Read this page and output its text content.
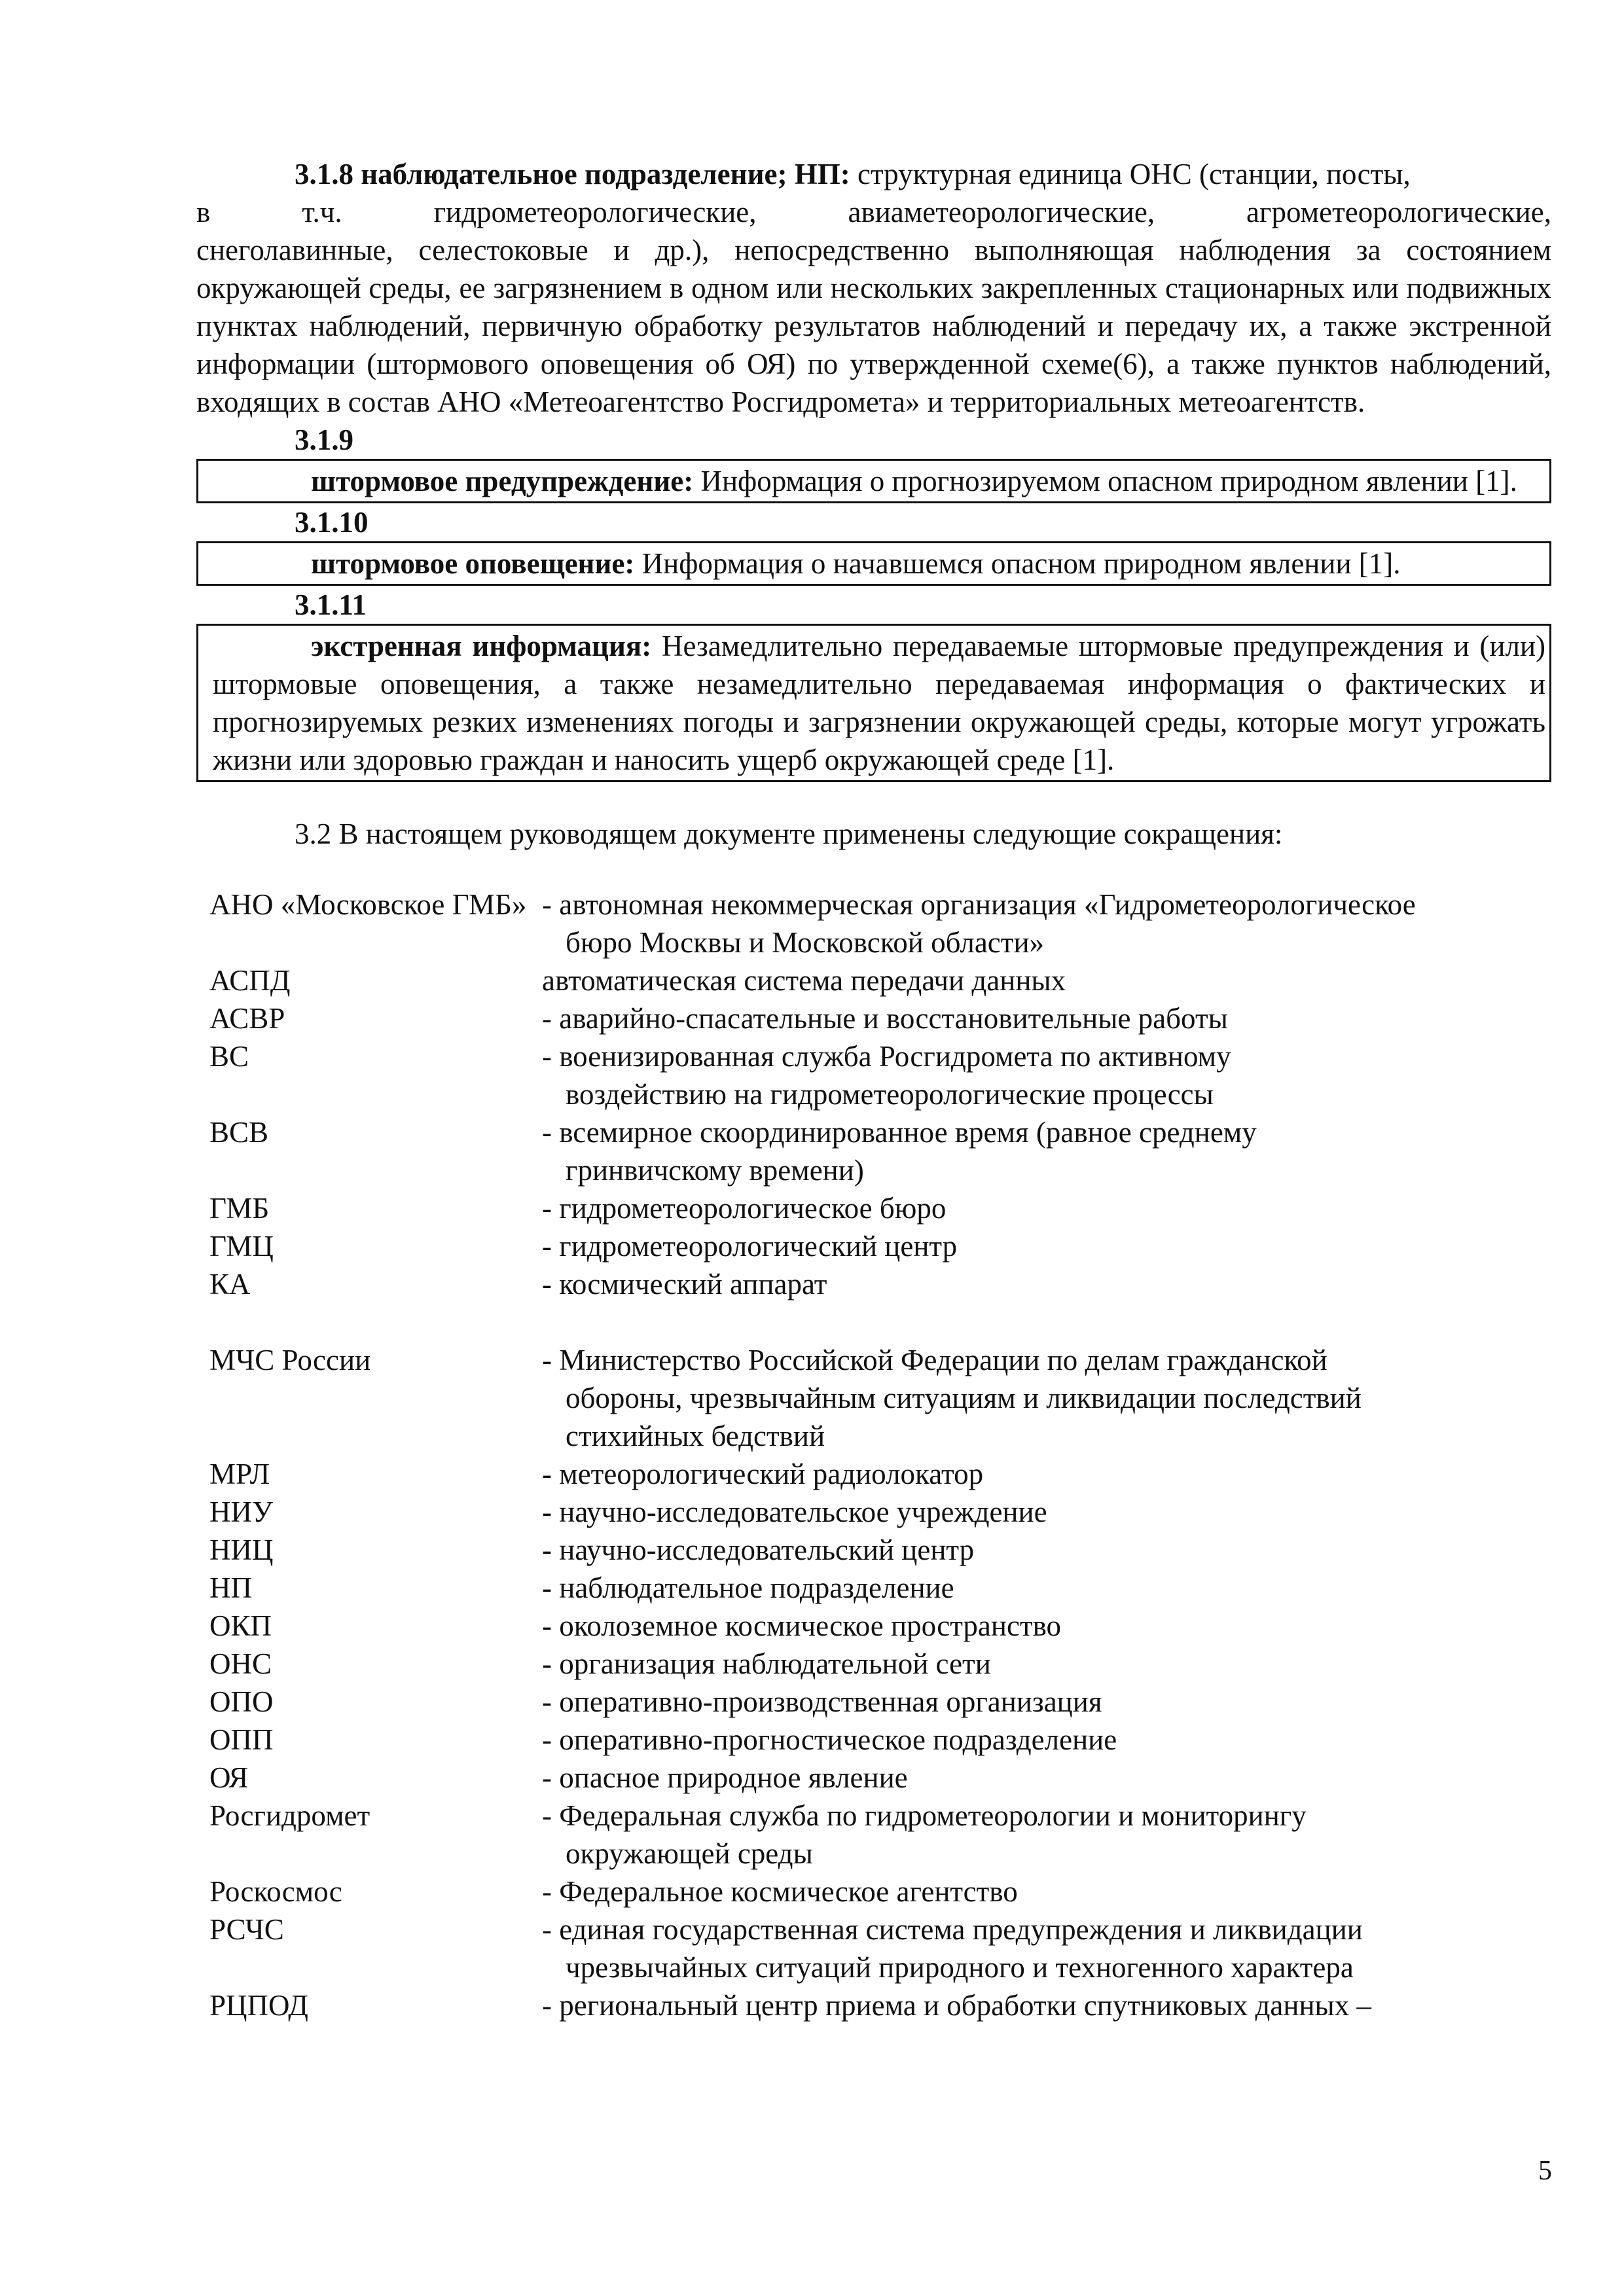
3.1.8 наблюдательное подразделение; НП: структурная единица ОНС (станции, посты,

в т.ч. гидрометеорологические, авиаметеорологические, агрометеорологические,

снеголавинные, селестоковые и др.), непосредственно выполняющая наблюдения за состоянием окружающей среды, ее загрязнением в одном или нескольких закрепленных стационарных или подвижных пунктах наблюдений, первичную обработку результатов наблюдений и передачу их, а также экстренной информации (штормового оповещения об ОЯ) по утвержденной схеме(6), а также пунктов наблюдений, входящих в состав АНО «Метеоагентство Росгидромета» и территориальных метеоагентств.

3.1.9
штормовое предупреждение: Информация о прогнозируемом опасном природном явлении [1].
3.1.10
штормовое оповещение: Информация о начавшемся опасном природном явлении [1].
3.1.11
экстренная информация: Незамедлительно передаваемые штормовые предупреждения и (или) штормовые оповещения, а также незамедлительно передаваемая информация о фактических и прогнозируемых резких изменениях погоды и загрязнении окружающей среды, которые могут угрожать жизни или здоровью граждан и наносить ущерб окружающей среде [1].

3.2 В настоящем руководящем документе применены следующие сокращения:

АНО «Московское ГМБ» - автономная некоммерческая организация «Гидрометеорологическое
бюро Москвы и Московской области»
АСПД	автоматическая система передачи данных
АСВР	- аварийно-спасательные и восстановительные работы
ВС	- военизированная служба Росгидромета по активному
воздействию на гидрометеорологические процессы
ВСВ	- всемирное скоординированное время (равное среднему
гринвичскому времени)
ГМБ	- гидрометеорологическое бюро
ГМЦ	- гидрометеорологический центр
КА	- космический аппарат
МЧС России	- Министерство Российской Федерации по делам гражданской
обороны, чрезвычайным ситуациям и ликвидации последствий
стихийных бедствий
МРЛ	- метеорологический радиолокатор
НИУ	- научно-исследовательское учреждение
НИЦ	- научно-исследовательский центр
НП	- наблюдательное подразделение
ОКП	- околоземное космическое пространство
ОНС	- организация наблюдательной сети
ОПО	- оперативно-производственная организация
ОПП	- оперативно-прогностическое подразделение
ОЯ	- опасное природное явление
Росгидромет	- Федеральная служба по гидрометеорологии и мониторингу
окружающей среды
Роскосмос	- Федеральное космическое агентство
РСЧС	- единая государственная система предупреждения и ликвидации
чрезвычайных ситуаций природного и техногенного характера
РЦПОД	- региональный центр приема и обработки спутниковых данных –
5
